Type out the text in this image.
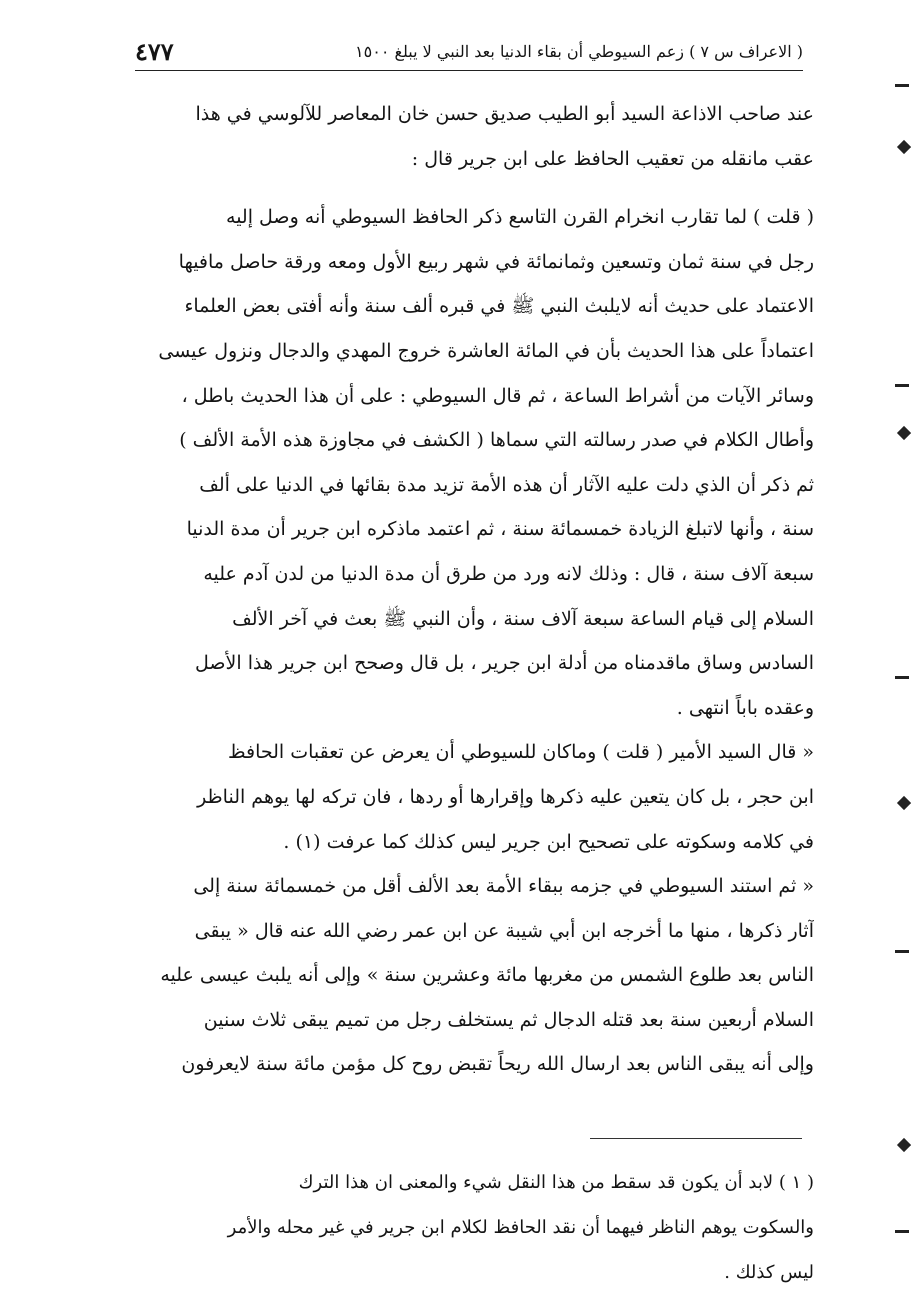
( الاعراف س ٧ ) زعم السيوطي أن بقاء الدنيا بعد النبي لا يبلغ ١٥٠٠
٤٧٧
عند صاحب الاذاعة السيد أبو الطيب صديق حسن خان المعاصر للآلوسي في هذا
عقب مانقله من تعقيب الحافظ على ابن جرير قال :
( قلت ) لما تقارب انخرام القرن التاسع ذكر الحافظ السيوطي أنه وصل إليه
رجل في سنة ثمان وتسعين وثمانمائة في شهر ربيع الأول ومعه ورقة حاصل مافيها
الاعتماد على حديث أنه لايلبث النبي ﷺ في قبره ألف سنة وأنه أفتى بعض العلماء
اعتماداً على هذا الحديث بأن في المائة العاشرة خروج المهدي والدجال ونزول عيسى
وسائر الآيات من أشراط الساعة ، ثم قال السيوطي : على أن هذا الحديث باطل ،
وأطال الكلام في صدر رسالته التي سماها ( الكشف في مجاوزة هذه الأمة الألف )
ثم ذكر أن الذي دلت عليه الآثار أن هذه الأمة تزيد مدة بقائها في الدنيا على ألف
سنة ، وأنها لاتبلغ الزيادة خمسمائة سنة ، ثم اعتمد ماذكره ابن جرير أن مدة الدنيا
سبعة آلاف سنة ، قال : وذلك لانه ورد من طرق أن مدة الدنيا من لدن آدم عليه
السلام إلى قيام الساعة سبعة آلاف سنة ، وأن النبي ﷺ بعث في آخر الألف
السادس وساق ماقدمناه من أدلة ابن جرير ، بل قال وصحح ابن جرير هذا الأصل
وعقده باباً انتهى .
« قال السيد الأمير ( قلت ) وماكان للسيوطي أن يعرض عن تعقبات الحافظ
ابن حجر ، بل كان يتعين عليه ذكرها وإقرارها أو ردها ، فان تركه لها يوهم الناظر
في كلامه وسكوته على تصحيح ابن جرير ليس كذلك كما عرفت (١) .
« ثم استند السيوطي في جزمه ببقاء الأمة بعد الألف أقل من خمسمائة سنة إلى
آثار ذكرها ، منها ما أخرجه ابن أبي شيبة عن ابن عمر رضي الله عنه قال « يبقى
الناس بعد طلوع الشمس من مغربها مائة وعشرين سنة » وإلى أنه يلبث عيسى عليه
السلام أربعين سنة بعد قتله الدجال ثم يستخلف رجل من تميم يبقى ثلاث سنين
وإلى أنه يبقى الناس بعد ارسال الله ريحاً تقبض روح كل مؤمن مائة سنة لايعرفون
( ١ ) لابد أن يكون قد سقط من هذا النقل شيء والمعنى ان هذا الترك
والسكوت يوهم الناظر فيهما أن نقد الحافظ لكلام ابن جرير في غير محله والأمر
ليس كذلك .
